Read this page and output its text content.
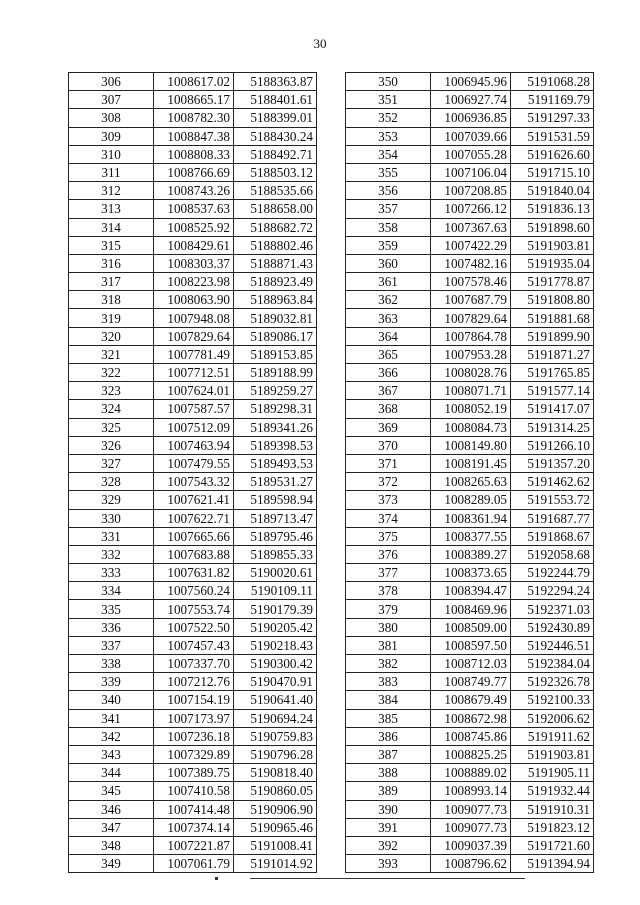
30
306	1008617.02	5188363.87
307	1008665.17	5188401.61
308	1008782.30	5188399.01
309	1008847.38	5188430.24
310	1008808.33	5188492.71
311	1008766.69	5188503.12
312	1008743.26	5188535.66
313	1008537.63	5188658.00
314	1008525.92	5188682.72
315	1008429.61	5188802.46
316	1008303.37	5188871.43
317	1008223.98	5188923.49
318	1008063.90	5188963.84
319	1007948.08	5189032.81
320	1007829.64	5189086.17
321	1007781.49	5189153.85
322	1007712.51	5189188.99
323	1007624.01	5189259.27
324	1007587.57	5189298.31
325	1007512.09	5189341.26
326	1007463.94	5189398.53
327	1007479.55	5189493.53
328	1007543.32	5189531.27
329	1007621.41	5189598.94
330	1007622.71	5189713.47
331	1007665.66	5189795.46
332	1007683.88	5189855.33
333	1007631.82	5190020.61
334	1007560.24	5190109.11
335	1007553.74	5190179.39
336	1007522.50	5190205.42
337	1007457.43	5190218.43
338	1007337.70	5190300.42
339	1007212.76	5190470.91
340	1007154.19	5190641.40
341	1007173.97	5190694.24
342	1007236.18	5190759.83
343	1007329.89	5190796.28
344	1007389.75	5190818.40
345	1007410.58	5190860.05
346	1007414.48	5190906.90
347	1007374.14	5190965.46
348	1007221.87	5191008.41
349	1007061.79	5191014.92
350	1006945.96	5191068.28
351	1006927.74	5191169.79
352	1006936.85	5191297.33
353	1007039.66	5191531.59
354	1007055.28	5191626.60
355	1007106.04	5191715.10
356	1007208.85	5191840.04
357	1007266.12	5191836.13
358	1007367.63	5191898.60
359	1007422.29	5191903.81
360	1007482.16	5191935.04
361	1007578.46	5191778.87
362	1007687.79	5191808.80
363	1007829.64	5191881.68
364	1007864.78	5191899.90
365	1007953.28	5191871.27
366	1008028.76	5191765.85
367	1008071.71	5191577.14
368	1008052.19	5191417.07
369	1008084.73	5191314.25
370	1008149.80	5191266.10
371	1008191.45	5191357.20
372	1008265.63	5191462.62
373	1008289.05	5191553.72
374	1008361.94	5191687.77
375	1008377.55	5191868.67
376	1008389.27	5192058.68
377	1008373.65	5192244.79
378	1008394.47	5192294.24
379	1008469.96	5192371.03
380	1008509.00	5192430.89
381	1008597.50	5192446.51
382	1008712.03	5192384.04
383	1008749.77	5192326.78
384	1008679.49	5192100.33
385	1008672.98	5192006.62
386	1008745.86	5191911.62
387	1008825.25	5191903.81
388	1008889.02	5191905.11
389	1008993.14	5191932.44
390	1009077.73	5191910.31
391	1009077.73	5191823.12
392	1009037.39	5191721.60
393	1008796.62	5191394.94
